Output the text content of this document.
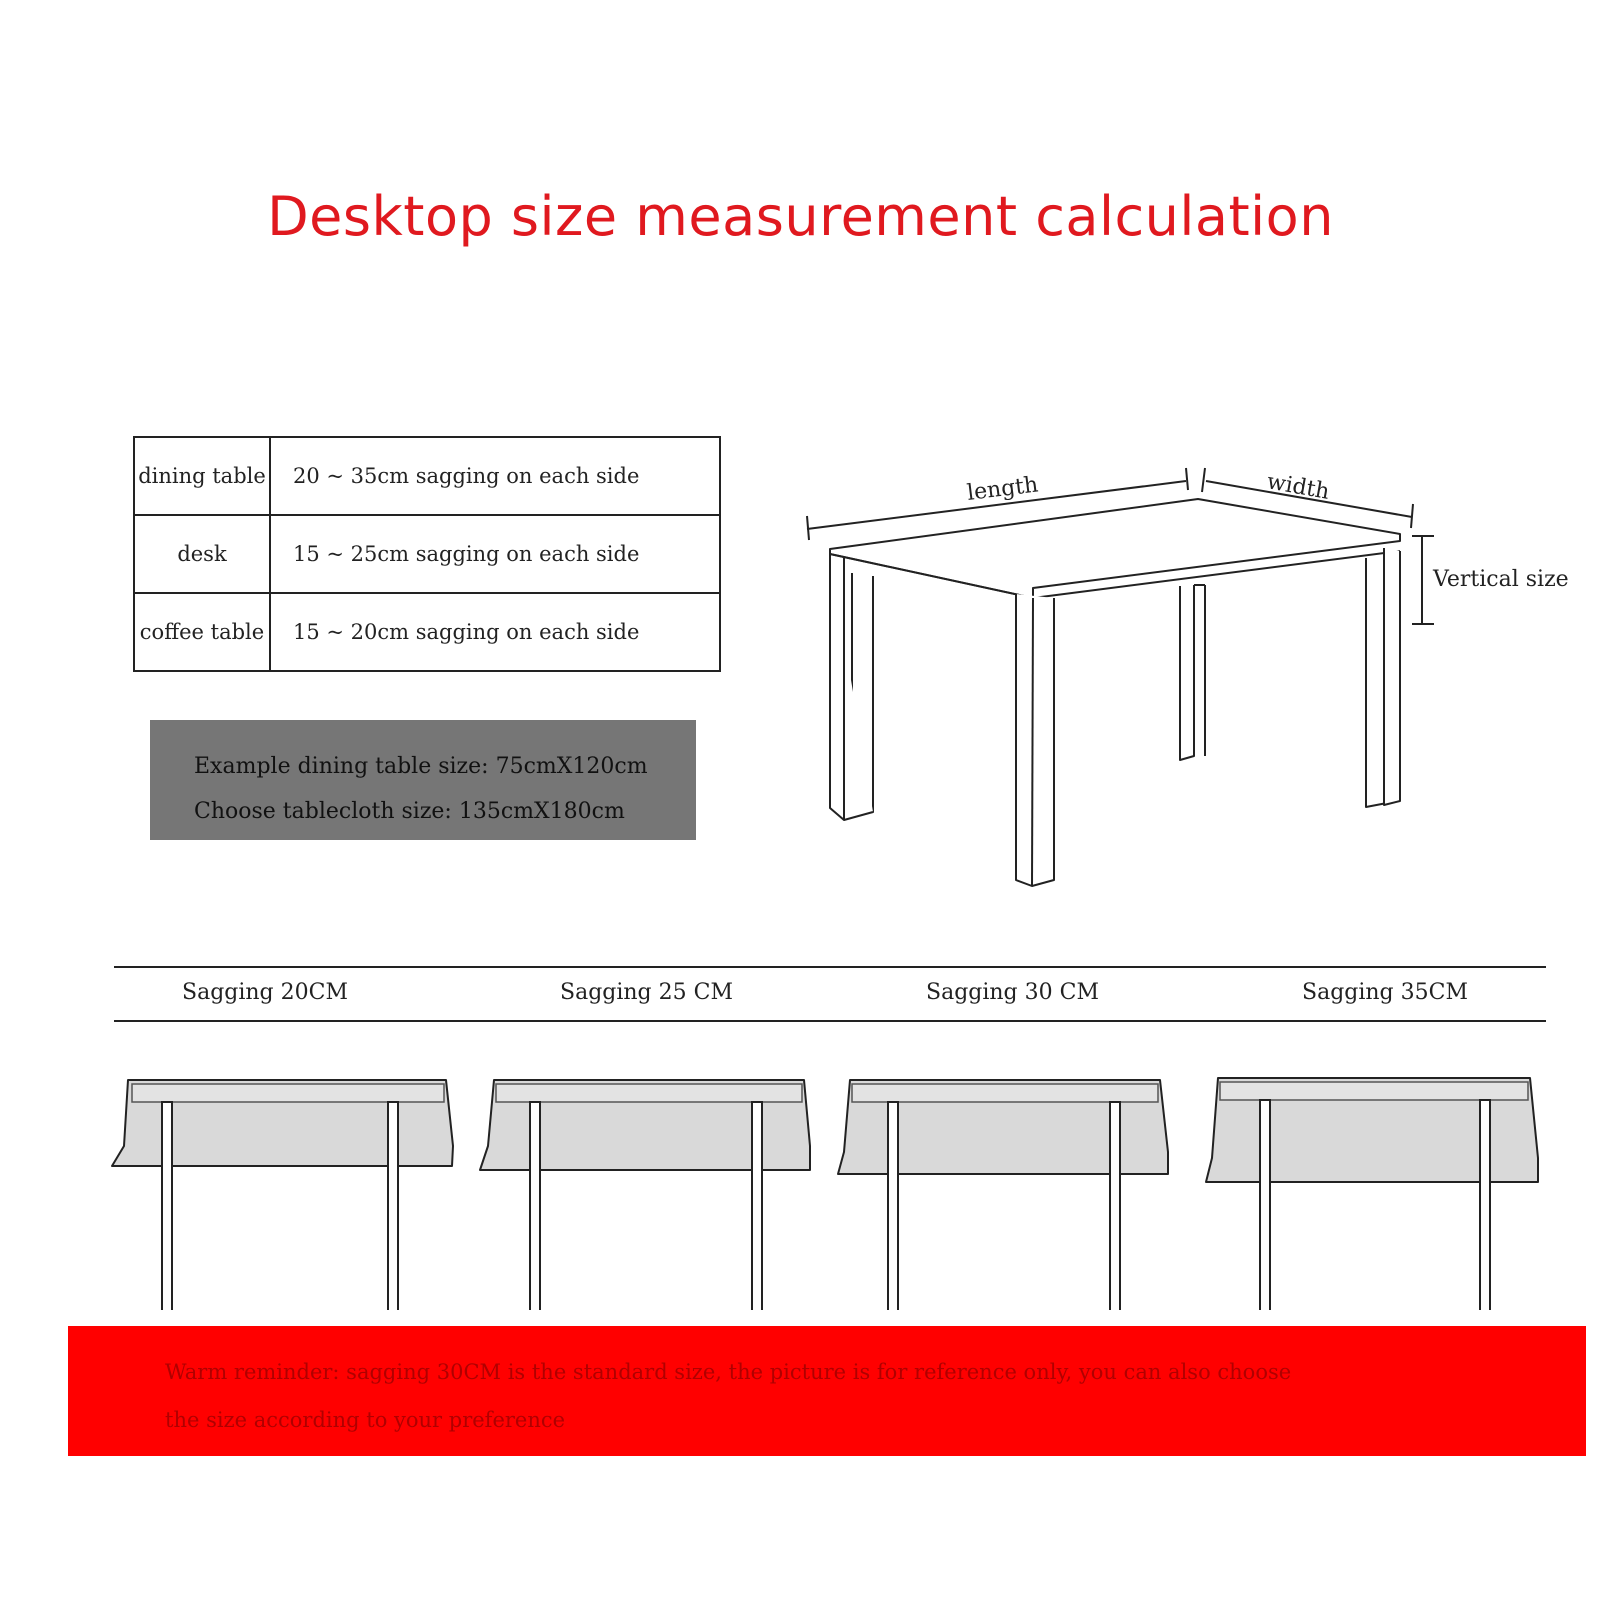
Desktop size measurement calculation
dining table	20 ~ 35cm sagging on each side
desk	15 ~ 25cm sagging on each side
coffee table	15 ~ 20cm sagging on each side
Example dining table size: 75cmX120cm
Choose tablecloth size: 135cmX180cm
length	width
Vertical size
Sagging 20CM	Sagging 25 CM	Sagging 30 CM	Sagging 35CM
Warm reminder: sagging 30CM is the standard size, the picture is for reference only, you can also choose
the size according to your preference
